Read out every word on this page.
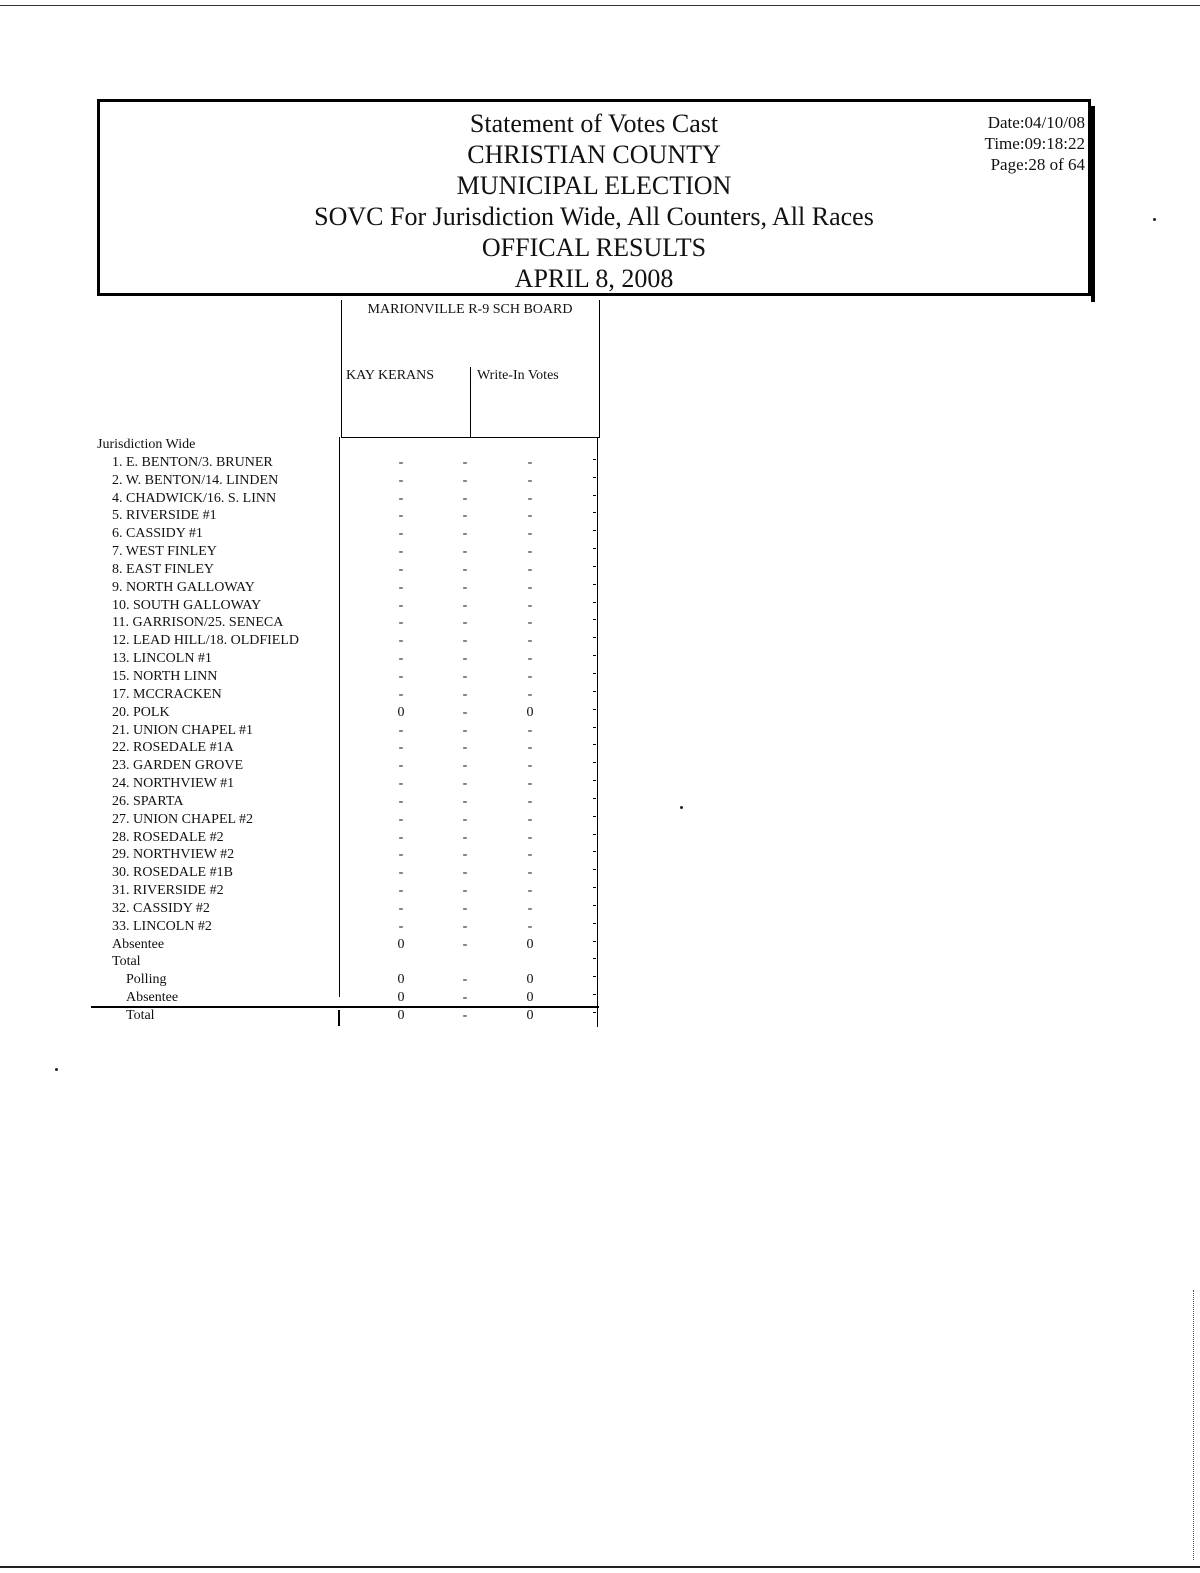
Statement of Votes Cast
CHRISTIAN COUNTY
MUNICIPAL ELECTION
SOVC For Jurisdiction Wide, All Counters, All Races
OFFICAL RESULTS
APRIL 8, 2008
Date:04/10/08
Time:09:18:22
Page:28 of 64
MARIONVILLE R-9 SCH BOARD
KAY KERANS	Write-In Votes
Jurisdiction Wide
1. E. BENTON/3. BRUNER	-	-	-
2. W. BENTON/14. LINDEN	-	-	-
4. CHADWICK/16. S. LINN	-	-	-
5. RIVERSIDE #1	-	-	-
6. CASSIDY #1	-	-	-
7. WEST FINLEY	-	-	-
8. EAST FINLEY	-	-	-
9. NORTH GALLOWAY	-	-	-
10. SOUTH GALLOWAY	-	-	-
11. GARRISON/25. SENECA	-	-	-
12. LEAD HILL/18. OLDFIELD	-	-	-
13. LINCOLN #1	-	-	-
15. NORTH LINN	-	-	-
17. MCCRACKEN	-	-	-
20. POLK	0	-	0
21. UNION CHAPEL #1	-	-	-
22. ROSEDALE #1A	-	-	-
23. GARDEN GROVE	-	-	-
24. NORTHVIEW #1	-	-	-
26. SPARTA	-	-	-
27. UNION CHAPEL #2	-	-	-
28. ROSEDALE #2	-	-	-
29. NORTHVIEW #2	-	-	-
30. ROSEDALE #1B	-	-	-
31. RIVERSIDE #2	-	-	-
32. CASSIDY #2	-	-	-
33. LINCOLN #2	-	-	-
Absentee	0	-	0
Total
Polling	0	-	0
Absentee	0	-	0
Total	0	-	0
